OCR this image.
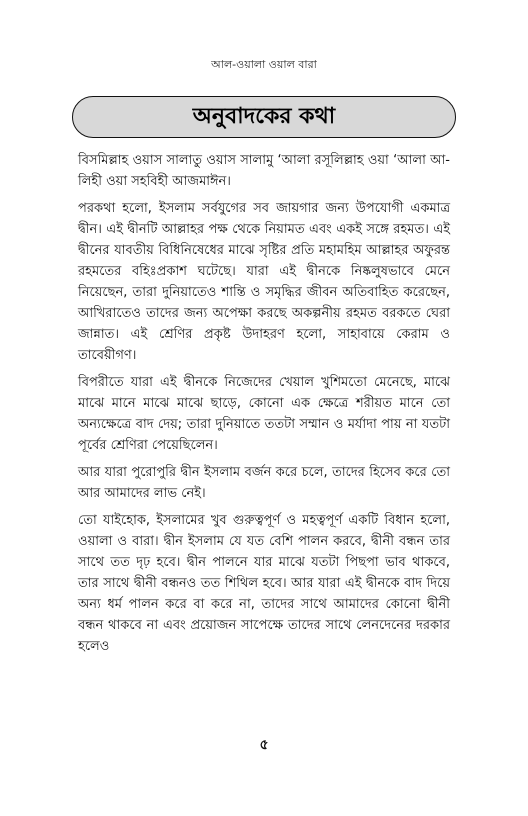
আল-ওয়ালা ওয়াল বারা
অনুবাদকের কথা

বিসমিল্লাহ ওয়াস সালাতু ওয়াস সালামু ‘আলা রসূলিল্লাহ ওয়া ‘আলা আ-লিহী ওয়া সহবিহী আজমাঈন।

পরকথা হলো, ইসলাম সর্বযুগের সব জায়গার জন্য উপযোগী একমাত্র দ্বীন। এই দ্বীনটি আল্লাহর পক্ষ থেকে নিয়ামত এবং একই সঙ্গে রহমত। এই দ্বীনের যাবতীয় বিধিনিষেধের মাঝে সৃষ্টির প্রতি মহামহিম আল্লাহর অফুরন্ত রহমতের বহিঃপ্রকাশ ঘটেছে। যারা এই দ্বীনকে নিষ্কলুষভাবে মেনে নিয়েছেন, তারা দুনিয়াতেও শান্তি ও সমৃদ্ধির জীবন অতিবাহিত করেছেন, আখিরাতেও তাদের জন্য অপেক্ষা করছে অকল্পনীয় রহমত বরকতে ঘেরা জান্নাত। এই শ্রেণির প্রকৃষ্ট উদাহরণ হলো, সাহাবায়ে কেরাম ও তাবেয়ীগণ।

বিপরীতে যারা এই দ্বীনকে নিজেদের খেয়াল খুশিমতো মেনেছে, মাঝে মাঝে মানে মাঝে মাঝে ছাড়ে, কোনো এক ক্ষেত্রে শরীয়ত মানে তো অন্যক্ষেত্রে বাদ দেয়; তারা দুনিয়াতে ততটা সম্মান ও মর্যাদা পায় না যতটা পূর্বের শ্রেণিরা পেয়েছিলেন।

আর যারা পুরোপুরি দ্বীন ইসলাম বর্জন করে চলে, তাদের হিসেব করে তো আর আমাদের লাভ নেই।

তো যাইহোক, ইসলামের খুব গুরুত্বপূর্ণ ও মহত্বপূর্ণ একটি বিধান হলো, ওয়ালা ও বারা। দ্বীন ইসলাম যে যত বেশি পালন করবে, দ্বীনী বন্ধন তার সাথে তত দৃঢ় হবে। দ্বীন পালনে যার মাঝে যতটা পিছপা ভাব থাকবে, তার সাথে দ্বীনী বন্ধনও তত শিথিল হবে। আর যারা এই দ্বীনকে বাদ দিয়ে অন্য ধর্ম পালন করে বা করে না, তাদের সাথে আমাদের কোনো দ্বীনী বন্ধন থাকবে না এবং প্রয়োজন সাপেক্ষে তাদের সাথে লেনদেনের দরকার হলেও

৫
